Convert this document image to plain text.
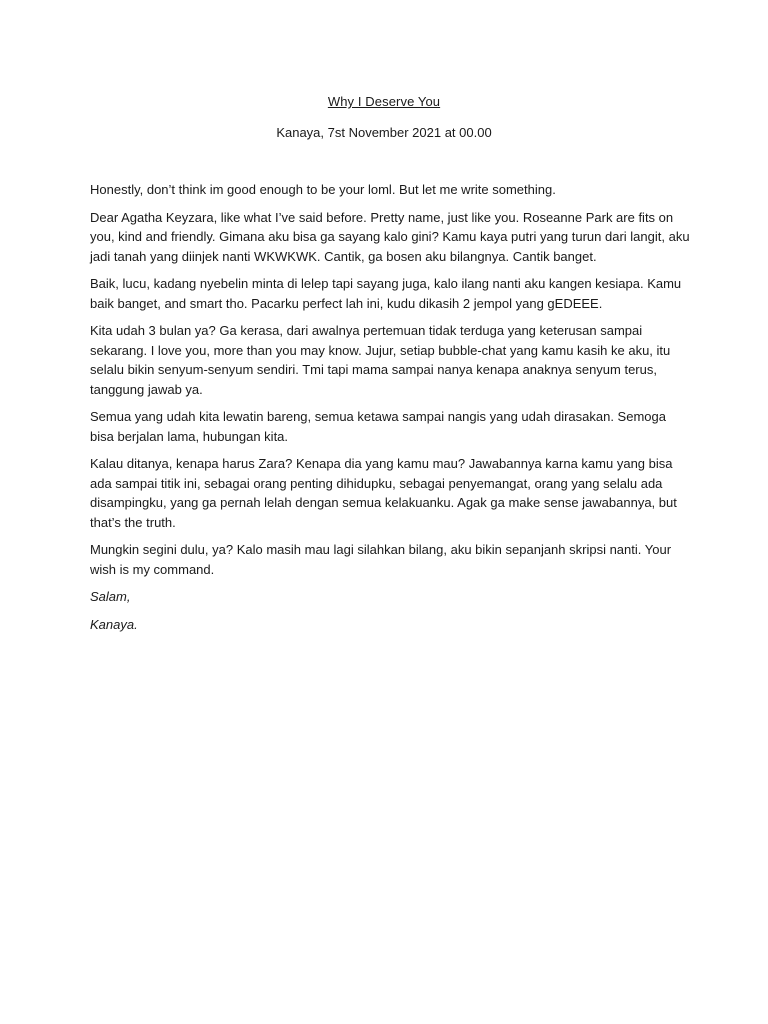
Why I Deserve You
Kanaya, 7st November 2021 at 00.00

Honestly, don’t think im good enough to be your loml. But let me write something.

Dear Agatha Keyzara, like what I’ve said before. Pretty name, just like you. Roseanne Park are fits on you, kind and friendly. Gimana aku bisa ga sayang kalo gini? Kamu kaya putri yang turun dari langit, aku jadi tanah yang diinjek nanti WKWKWK. Cantik, ga bosen aku bilangnya. Cantik banget.

Baik, lucu, kadang nyebelin minta di lelep tapi sayang juga, kalo ilang nanti aku kangen kesiapa. Kamu baik banget, and smart tho. Pacarku perfect lah ini, kudu dikasih 2 jempol yang gEDEEE.

Kita udah 3 bulan ya? Ga kerasa, dari awalnya pertemuan tidak terduga yang keterusan sampai sekarang. I love you, more than you may know. Jujur, setiap bubble-chat yang kamu kasih ke aku, itu selalu bikin senyum-senyum sendiri. Tmi tapi mama sampai nanya kenapa anaknya senyum terus, tanggung jawab ya.

Semua yang udah kita lewatin bareng, semua ketawa sampai nangis yang udah dirasakan. Semoga bisa berjalan lama, hubungan kita.

Kalau ditanya, kenapa harus Zara? Kenapa dia yang kamu mau? Jawabannya karna kamu yang bisa ada sampai titik ini, sebagai orang penting dihidupku, sebagai penyemangat, orang yang selalu ada disampingku, yang ga pernah lelah dengan semua kelakuanku. Agak ga make sense jawabannya, but that’s the truth.

Mungkin segini dulu, ya? Kalo masih mau lagi silahkan bilang, aku bikin sepanjanh skripsi nanti. Your wish is my command.

Salam,

Kanaya.
